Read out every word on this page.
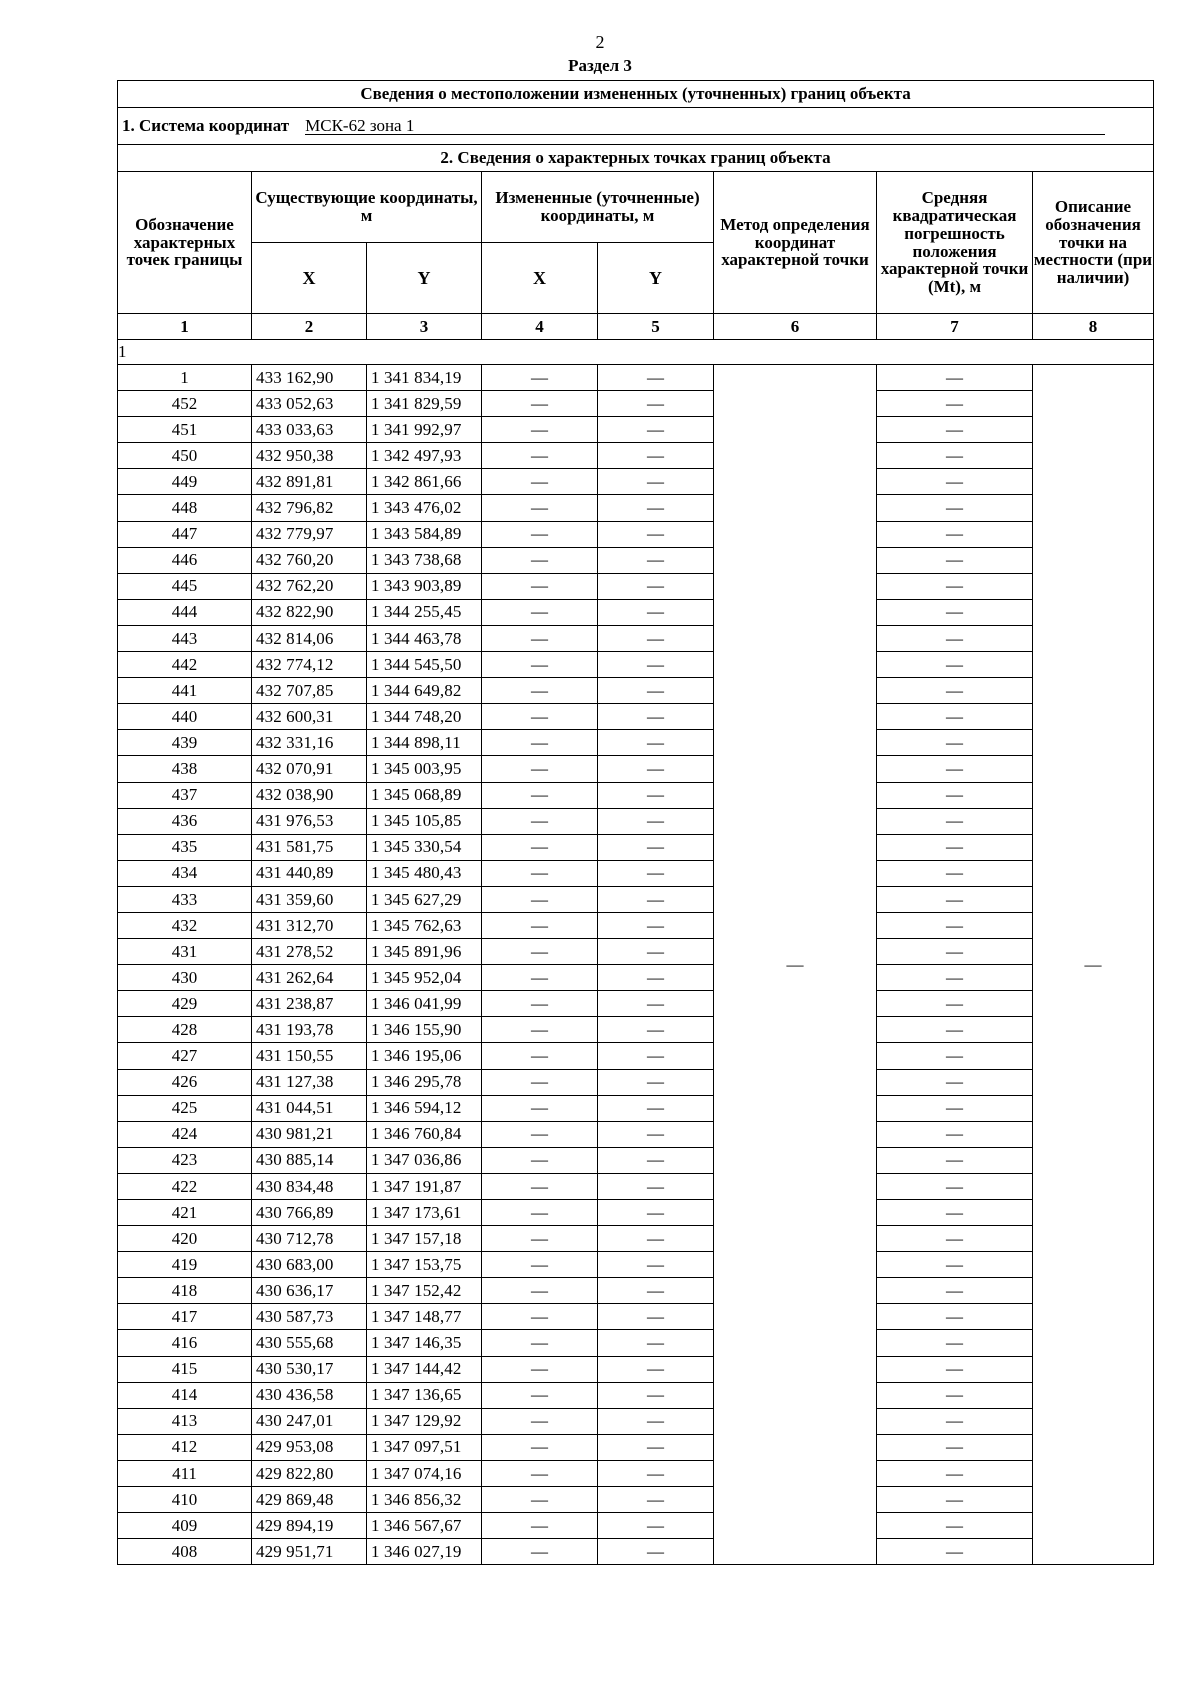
2
Раздел 3
Сведения о местоположении измененных (уточненных) границ объекта							
1. Система координат МСК-62 зона 1							
2. Сведения о характерных точках границ объекта							
Обозначение характерных точек границы	Существующие координаты, м		Измененные (уточненные) координаты, м		Метод определения координат характерной точки	Средняя квадратическая погрешность положения характерной точки (Mt), м	Описание обозначения точки на местности (при наличии)
	X	Y	X	Y			
1	2	3	4	5	6	7	8
1							
1	433 162,90	1 341 834,19	—	—	—	—	—
452	433 052,63	1 341 829,59	—	—		—	
451	433 033,63	1 341 992,97	—	—		—	
450	432 950,38	1 342 497,93	—	—		—	
449	432 891,81	1 342 861,66	—	—		—	
448	432 796,82	1 343 476,02	—	—		—	
447	432 779,97	1 343 584,89	—	—		—	
446	432 760,20	1 343 738,68	—	—		—	
445	432 762,20	1 343 903,89	—	—		—	
444	432 822,90	1 344 255,45	—	—		—	
443	432 814,06	1 344 463,78	—	—		—	
442	432 774,12	1 344 545,50	—	—		—	
441	432 707,85	1 344 649,82	—	—		—	
440	432 600,31	1 344 748,20	—	—		—	
439	432 331,16	1 344 898,11	—	—		—	
438	432 070,91	1 345 003,95	—	—		—	
437	432 038,90	1 345 068,89	—	—		—	
436	431 976,53	1 345 105,85	—	—		—	
435	431 581,75	1 345 330,54	—	—		—	
434	431 440,89	1 345 480,43	—	—		—	
433	431 359,60	1 345 627,29	—	—		—	
432	431 312,70	1 345 762,63	—	—		—	
431	431 278,52	1 345 891,96	—	—		—	
430	431 262,64	1 345 952,04	—	—		—	
429	431 238,87	1 346 041,99	—	—		—	
428	431 193,78	1 346 155,90	—	—		—	
427	431 150,55	1 346 195,06	—	—		—	
426	431 127,38	1 346 295,78	—	—		—	
425	431 044,51	1 346 594,12	—	—		—	
424	430 981,21	1 346 760,84	—	—		—	
423	430 885,14	1 347 036,86	—	—		—	
422	430 834,48	1 347 191,87	—	—		—	
421	430 766,89	1 347 173,61	—	—		—	
420	430 712,78	1 347 157,18	—	—		—	
419	430 683,00	1 347 153,75	—	—		—	
418	430 636,17	1 347 152,42	—	—		—	
417	430 587,73	1 347 148,77	—	—		—	
416	430 555,68	1 347 146,35	—	—		—	
415	430 530,17	1 347 144,42	—	—		—	
414	430 436,58	1 347 136,65	—	—		—	
413	430 247,01	1 347 129,92	—	—		—	
412	429 953,08	1 347 097,51	—	—		—	
411	429 822,80	1 347 074,16	—	—		—	
410	429 869,48	1 346 856,32	—	—		—	
409	429 894,19	1 346 567,67	—	—		—	
408	429 951,71	1 346 027,19	—	—		—	
